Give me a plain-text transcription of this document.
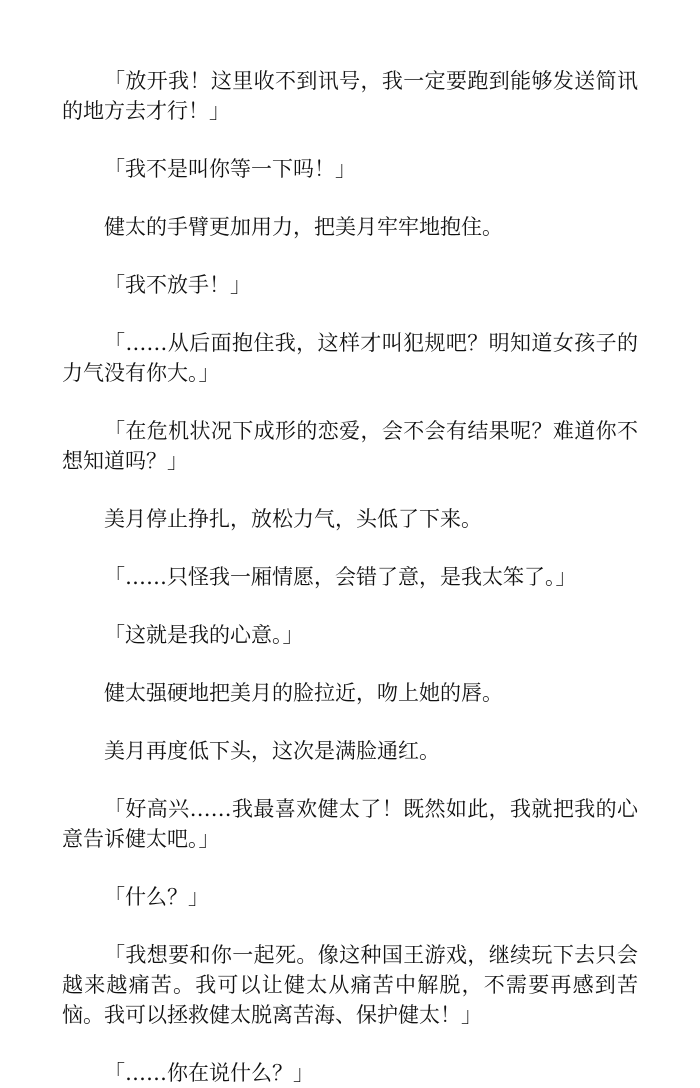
「放开我！这里收不到讯号，我一定要跑到能够发送简讯的地方去才行！」

「我不是叫你等一下吗！」

健太的手臂更加用力，把美月牢牢地抱住。

「我不放手！」

「……从后面抱住我，这样才叫犯规吧？明知道女孩子的力气没有你大。」

「在危机状况下成形的恋爱，会不会有结果呢？难道你不想知道吗？」

美月停止挣扎，放松力气，头低了下来。

「……只怪我一厢情愿，会错了意，是我太笨了。」

「这就是我的心意。」

健太强硬地把美月的脸拉近，吻上她的唇。

美月再度低下头，这次是满脸通红。

「好高兴……我最喜欢健太了！既然如此，我就把我的心意告诉健太吧。」

「什么？」

「我想要和你一起死。像这种国王游戏，继续玩下去只会越来越痛苦。我可以让健太从痛苦中解脱，不需要再感到苦恼。我可以拯救健太脱离苦海、保护健太！」

「……你在说什么？」
